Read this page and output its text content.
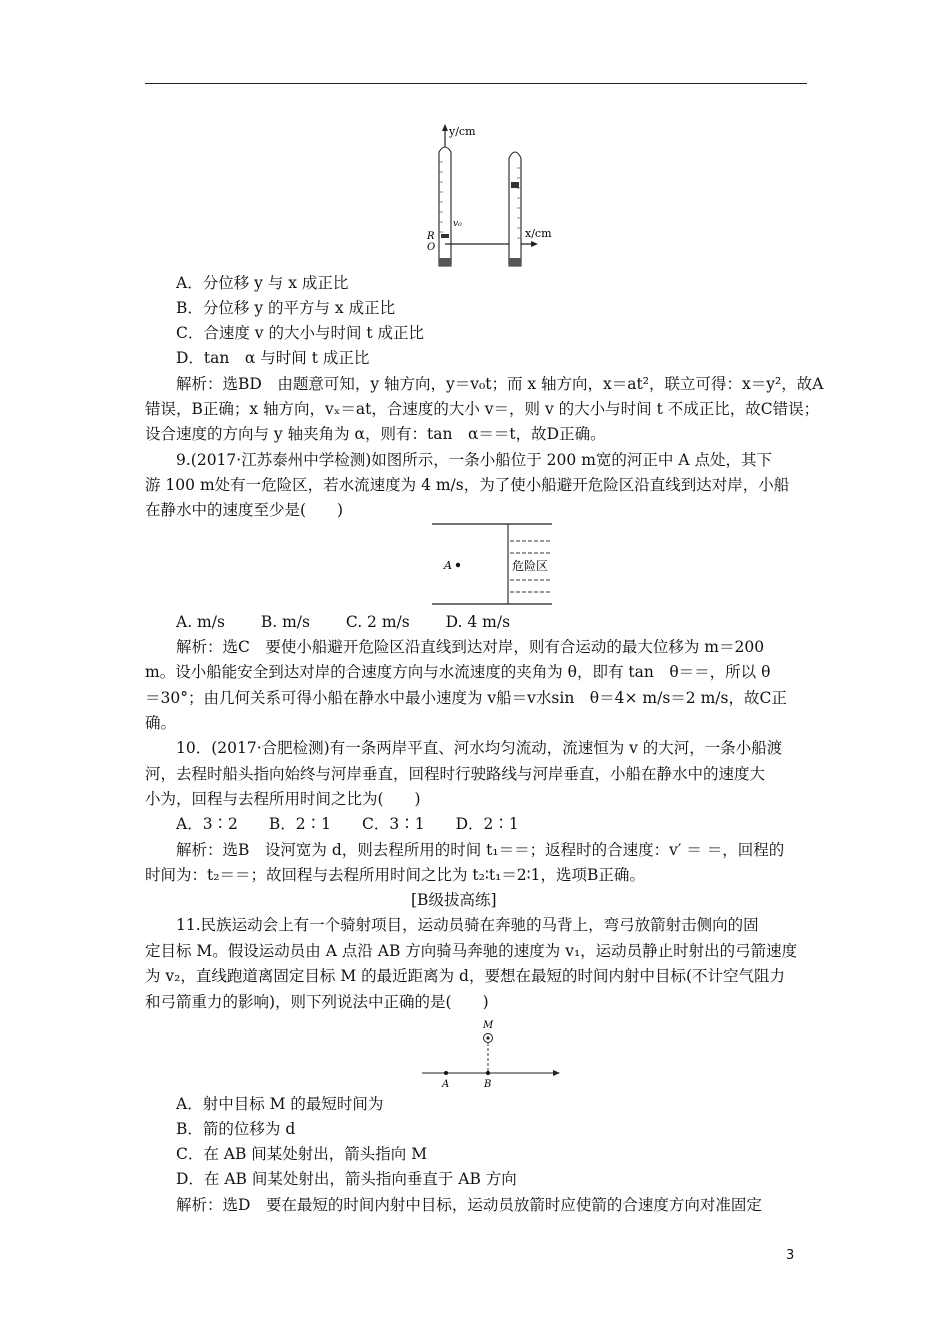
y/cm
v₀
R
O
x/cm
A．分位移 y 与 x 成正比
B．分位移 y 的平方与 x 成正比
C．合速度 v 的大小与时间 t 成正比
D．tan　α 与时间 t 成正比
解析：选BD　由题意可知，y 轴方向，y＝v₀t；而 x 轴方向，x＝at²，联立可得：x＝y²，故A
错误，B正确；x 轴方向，vₓ＝at，合速度的大小 v＝，则 v 的大小与时间 t 不成正比，故C错误；
设合速度的方向与 y 轴夹角为 α，则有：tan　α＝＝t，故D正确。
9.(2017·江苏泰州中学检测)如图所示，一条小船位于 200 m宽的河正中 A 点处，其下
游 100 m处有一危险区，若水流速度为 4 m/s，为了使小船避开危险区沿直线到达对岸，小船
在静水中的速度至少是(　　)
A	危险区
A. m/s　　 B. m/s　　 C. 2 m/s　　 D. 4 m/s
解析：选C　要使小船避开危险区沿直线到达对岸，则有合运动的最大位移为 m＝200
m。设小船能安全到达对岸的合速度方向与水流速度的夹角为 θ，即有 tan　θ＝＝，所以 θ
＝30°；由几何关系可得小船在静水中最小速度为 v船＝v水sin　θ＝4× m/s＝2 m/s，故C正
确。
10．(2017·合肥检测)有一条两岸平直、河水均匀流动，流速恒为 v 的大河，一条小船渡
河，去程时船头指向始终与河岸垂直，回程时行驶路线与河岸垂直，小船在静水中的速度大
小为，回程与去程所用时间之比为(　　)
A．3∶2　　B．2∶1　　C．3∶1　　D．2∶1
解析：选B　设河宽为 d，则去程所用的时间 t₁＝＝；返程时的合速度：v′ ＝ ＝，回程的
时间为：t₂＝＝；故回程与去程所用时间之比为 t₂∶t₁＝2∶1，选项B正确。
[B级拔高练]
11.民族运动会上有一个骑射项目，运动员骑在奔驰的马背上，弯弓放箭射击侧向的固
定目标 M。假设运动员由 A 点沿 AB 方向骑马奔驰的速度为 v₁，运动员静止时射出的弓箭速度
为 v₂，直线跑道离固定目标 M 的最近距离为 d，要想在最短的时间内射中目标(不计空气阻力
和弓箭重力的影响)，则下列说法中正确的是(　　)
M
A	B
A．射中目标 M 的最短时间为
B．箭的位移为 d
C．在 AB 间某处射出，箭头指向 M
D．在 AB 间某处射出，箭头指向垂直于 AB 方向
解析：选D　要在最短的时间内射中目标，运动员放箭时应使箭的合速度方向对准固定
3
